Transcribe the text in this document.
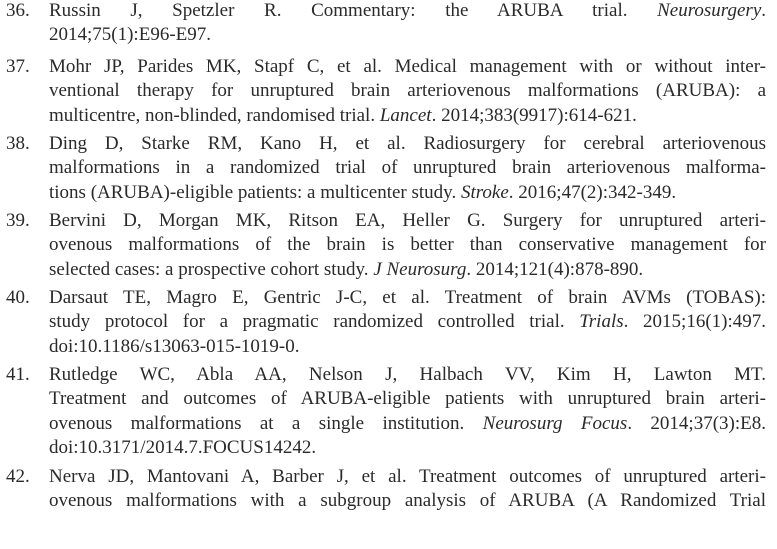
36. Russin J, Spetzler R. Commentary: the ARUBA trial. Neurosurgery.
2014;75(1):E96-E97.
37. Mohr JP, Parides MK, Stapf C, et al. Medical management with or without inter-
ventional therapy for unruptured brain arteriovenous malformations (ARUBA): a
multicentre, non-blinded, randomised trial. Lancet. 2014;383(9917):614-621.
38. Ding D, Starke RM, Kano H, et al. Radiosurgery for cerebral arteriovenous
malformations in a randomized trial of unruptured brain arteriovenous malforma-
tions (ARUBA)-eligible patients: a multicenter study. Stroke. 2016;47(2):342-349.
39. Bervini D, Morgan MK, Ritson EA, Heller G. Surgery for unruptured arteri-
ovenous malformations of the brain is better than conservative management for
selected cases: a prospective cohort study. J Neurosurg. 2014;121(4):878-890.
40. Darsaut TE, Magro E, Gentric J-C, et al. Treatment of brain AVMs (TOBAS):
study protocol for a pragmatic randomized controlled trial. Trials. 2015;16(1):497.
doi:10.1186/s13063-015-1019-0.
41. Rutledge WC, Abla AA, Nelson J, Halbach VV, Kim H, Lawton MT.
Treatment and outcomes of ARUBA-eligible patients with unruptured brain arteri-
ovenous malformations at a single institution. Neurosurg Focus. 2014;37(3):E8.
doi:10.3171/2014.7.FOCUS14242.
42. Nerva JD, Mantovani A, Barber J, et al. Treatment outcomes of unruptured arteri-
ovenous malformations with a subgroup analysis of ARUBA (A Randomized Trial
